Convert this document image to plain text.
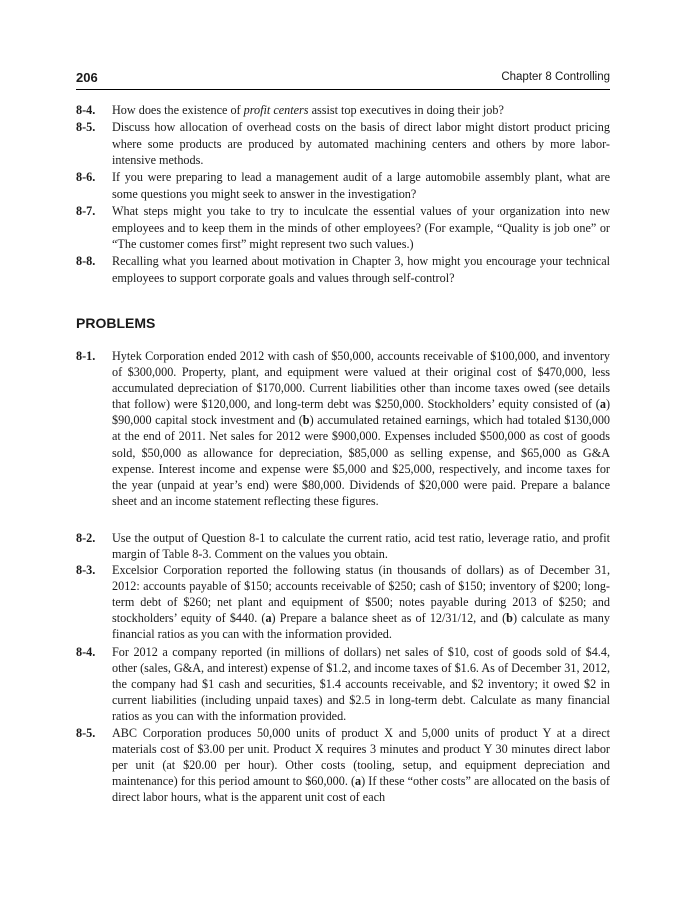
206	Chapter 8 Controlling
8-4. How does the existence of profit centers assist top executives in doing their job?
8-5. Discuss how allocation of overhead costs on the basis of direct labor might distort product pricing where some products are produced by automated machining centers and others by more labor-intensive methods.
8-6. If you were preparing to lead a management audit of a large automobile assembly plant, what are some questions you might seek to answer in the investigation?
8-7. What steps might you take to try to inculcate the essential values of your organization into new employees and to keep them in the minds of other employees? (For example, “Quality is job one” or “The customer comes first” might represent two such values.)
8-8. Recalling what you learned about motivation in Chapter 3, how might you encourage your technical employees to support corporate goals and values through self-control?
PROBLEMS
8-1. Hytek Corporation ended 2012 with cash of $50,000, accounts receivable of $100,000, and inventory of $300,000. Property, plant, and equipment were valued at their original cost of $470,000, less accumulated depreciation of $170,000. Current liabilities other than income taxes owed (see details that follow) were $120,000, and long-term debt was $250,000. Stockholders’ equity consisted of (a) $90,000 capital stock investment and (b) accumulated retained earnings, which had totaled $130,000 at the end of 2011. Net sales for 2012 were $900,000. Expenses included $500,000 as cost of goods sold, $50,000 as allowance for depreciation, $85,000 as selling expense, and $65,000 as G&A expense. Interest income and expense were $5,000 and $25,000, respectively, and income taxes for the year (unpaid at year’s end) were $80,000. Dividends of $20,000 were paid. Prepare a balance sheet and an income statement reflecting these figures.
8-2. Use the output of Question 8-1 to calculate the current ratio, acid test ratio, leverage ratio, and profit margin of Table 8-3. Comment on the values you obtain.
8-3. Excelsior Corporation reported the following status (in thousands of dollars) as of December 31, 2012: accounts payable of $150; accounts receivable of $250; cash of $150; inventory of $200; long-term debt of $260; net plant and equipment of $500; notes payable during 2013 of $250; and stockholders’ equity of $440. (a) Prepare a balance sheet as of 12/31/12, and (b) calculate as many financial ratios as you can with the information provided.
8-4. For 2012 a company reported (in millions of dollars) net sales of $10, cost of goods sold of $4.4, other (sales, G&A, and interest) expense of $1.2, and income taxes of $1.6. As of December 31, 2012, the company had $1 cash and securities, $1.4 accounts receivable, and $2 inventory; it owed $2 in current liabilities (including unpaid taxes) and $2.5 in long-term debt. Calculate as many financial ratios as you can with the information provided.
8-5. ABC Corporation produces 50,000 units of product X and 5,000 units of product Y at a direct materials cost of $3.00 per unit. Product X requires 3 minutes and product Y 30 minutes direct labor per unit (at $20.00 per hour). Other costs (tooling, setup, and equipment depreciation and maintenance) for this period amount to $60,000. (a) If these “other costs” are allocated on the basis of direct labor hours, what is the apparent unit cost of each
